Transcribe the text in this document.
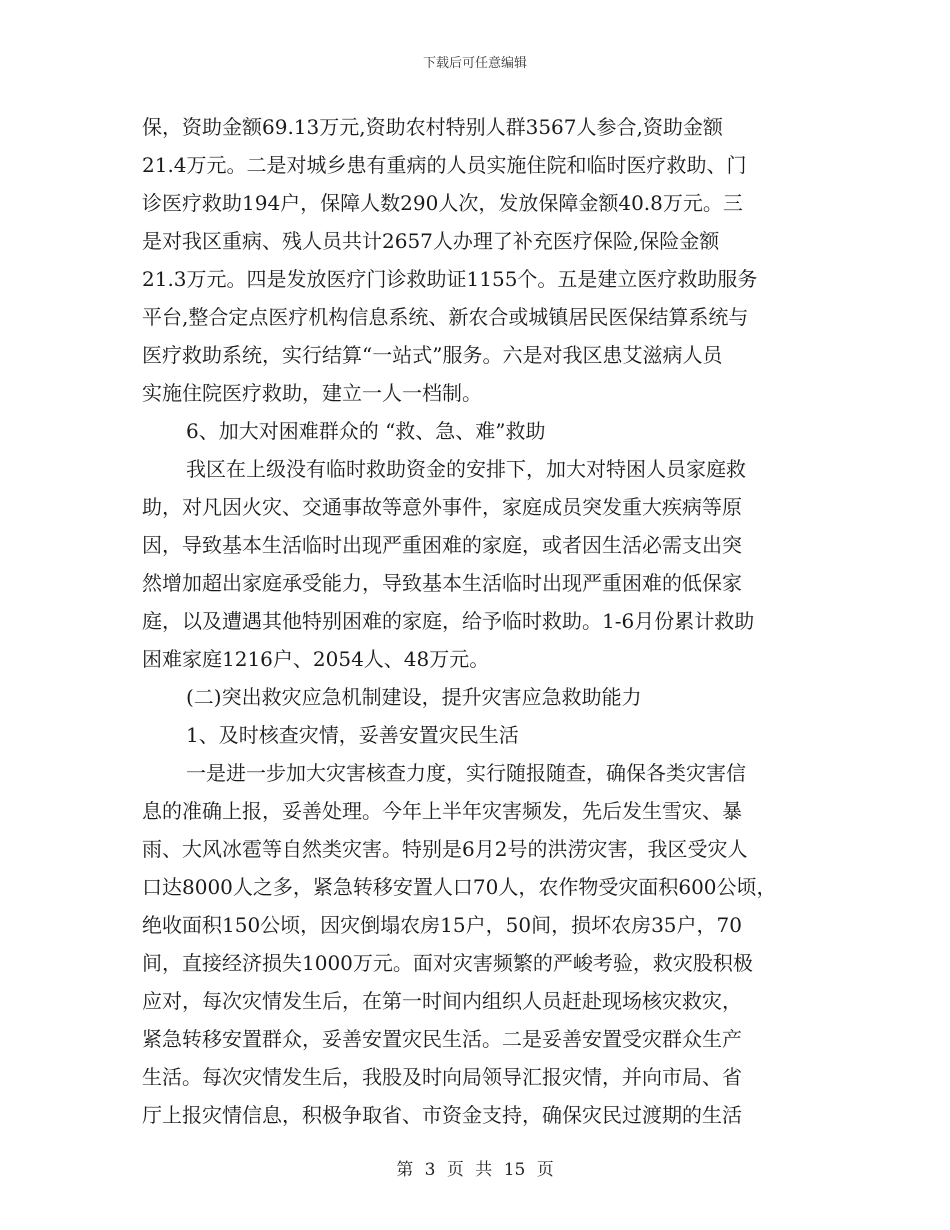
下载后可任意编辑
保，资助金额69.13万元,资助农村特别人群3567人参合,资助金额
21.4万元。二是对城乡患有重病的人员实施住院和临时医疗救助、门
诊医疗救助194户，保障人数290人次，发放保障金额40.8万元。三
是对我区重病、残人员共计2657人办理了补充医疗保险,保险金额
21.3万元。四是发放医疗门诊救助证1155个。五是建立医疗救助服务
平台,整合定点医疗机构信息系统、新农合或城镇居民医保结算系统与
医疗救助系统，实行结算“一站式”服务。六是对我区患艾滋病人员
实施住院医疗救助，建立一人一档制。
6、加大对困难群众的 “救、急、难”救助
我区在上级没有临时救助资金的安排下，加大对特困人员家庭救
助，对凡因火灾、交通事故等意外事件，家庭成员突发重大疾病等原
因，导致基本生活临时出现严重困难的家庭，或者因生活必需支出突
然增加超出家庭承受能力，导致基本生活临时出现严重困难的低保家
庭，以及遭遇其他特别困难的家庭，给予临时救助。1-6月份累计救助
困难家庭1216户、2054人、48万元。
(二)突出救灾应急机制建设，提升灾害应急救助能力
1、及时核查灾情，妥善安置灾民生活
一是进一步加大灾害核查力度，实行随报随查，确保各类灾害信
息的准确上报，妥善处理。今年上半年灾害频发，先后发生雪灾、暴
雨、大风冰雹等自然类灾害。特别是6月2号的洪涝灾害，我区受灾人
口达8000人之多，紧急转移安置人口70人，农作物受灾面积600公顷，
绝收面积150公顷，因灾倒塌农房15户，50间，损坏农房35户，70
间，直接经济损失1000万元。面对灾害频繁的严峻考验，救灾股积极
应对，每次灾情发生后，在第一时间内组织人员赶赴现场核灾救灾，
紧急转移安置群众，妥善安置灾民生活。二是妥善安置受灾群众生产
生活。每次灾情发生后，我股及时向局领导汇报灾情，并向市局、省
厅上报灾情信息，积极争取省、市资金支持，确保灾民过渡期的生活
第 3 页 共 15 页
